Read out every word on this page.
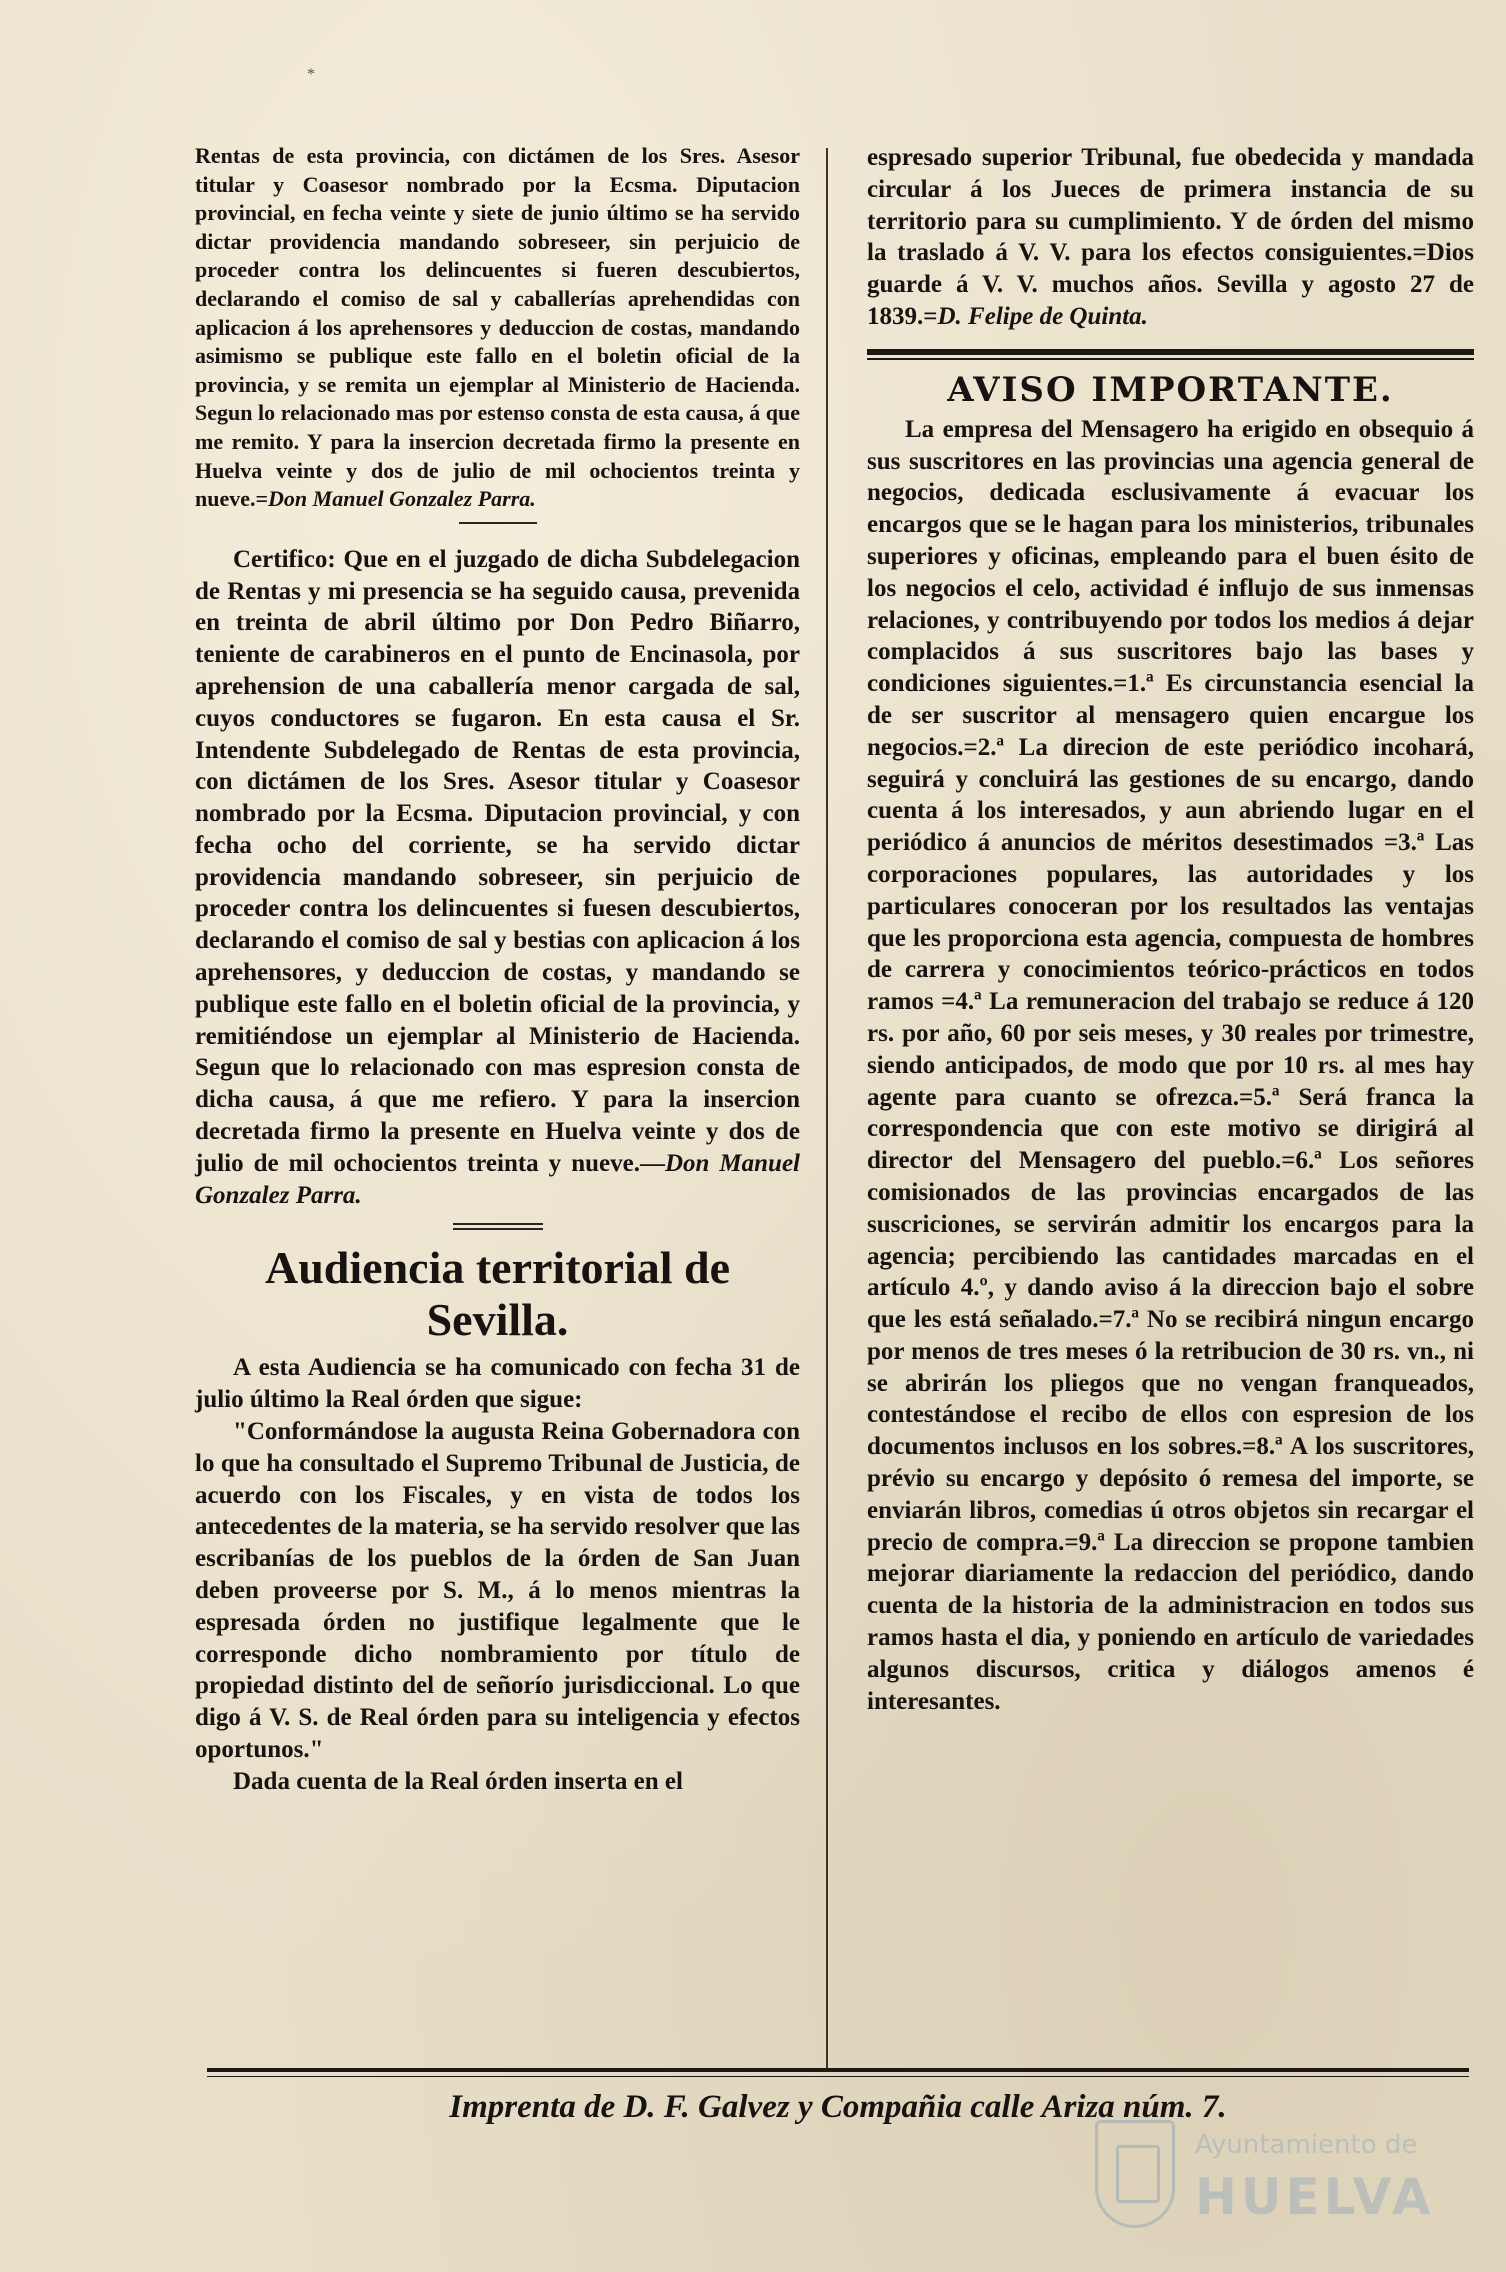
*

Rentas de esta provincia, con dictámen de los Sres. Asesor titular y Coasesor nombrado por la Ecsma. Diputacion provincial, en fecha veinte y siete de junio último se ha servido dictar providencia mandando sobreseer, sin perjuicio de proceder contra los delincuentes si fueren descubiertos, declarando el comiso de sal y caballerías aprehendidas con aplicacion á los aprehensores y deduccion de costas, mandando asimismo se publique este fallo en el boletin oficial de la provincia, y se remita un ejemplar al Ministerio de Hacienda. Segun lo relacionado mas por estenso consta de esta causa, á que me remito. Y para la insercion decretada firmo la presente en Huelva veinte y dos de julio de mil ochocientos treinta y nueve.=Don Manuel Gonzalez Parra.

Certifico: Que en el juzgado de dicha Subdelegacion de Rentas y mi presencia se ha seguido causa, prevenida en treinta de abril último por Don Pedro Biñarro, teniente de carabineros en el punto de Encinasola, por aprehension de una caballería menor cargada de sal, cuyos conductores se fugaron. En esta causa el Sr. Intendente Subdelegado de Rentas de esta provincia, con dictámen de los Sres. Asesor titular y Coasesor nombrado por la Ecsma. Diputacion provincial, y con fecha ocho del corriente, se ha servido dictar providencia mandando sobreseer, sin perjuicio de proceder contra los delincuentes si fuesen descubiertos, declarando el comiso de sal y bestias con aplicacion á los aprehensores, y deduccion de costas, y mandando se publique este fallo en el boletin oficial de la provincia, y remitiéndose un ejemplar al Ministerio de Hacienda. Segun que lo relacionado con mas espresion consta de dicha causa, á que me refiero. Y para la insercion decretada firmo la presente en Huelva veinte y dos de julio de mil ochocientos treinta y nueve.—Don Manuel Gonzalez Parra.

Audiencia territorial de Sevilla.

A esta Audiencia se ha comunicado con fecha 31 de julio último la Real órden que sigue:

"Conformándose la augusta Reina Gobernadora con lo que ha consultado el Supremo Tribunal de Justicia, de acuerdo con los Fiscales, y en vista de todos los antecedentes de la materia, se ha servido resolver que las escribanías de los pueblos de la órden de San Juan deben proveerse por S. M., á lo menos mientras la espresada órden no justifique legalmente que le corresponde dicho nombramiento por título de propiedad distinto del de señorío jurisdiccional. Lo que digo á V. S. de Real órden para su inteligencia y efectos oportunos."

Dada cuenta de la Real órden inserta en el

espresado superior Tribunal, fue obedecida y mandada circular á los Jueces de primera instancia de su territorio para su cumplimiento. Y de órden del mismo la traslado á V. V. para los efectos consiguientes.=Dios guarde á V. V. muchos años. Sevilla y agosto 27 de 1839.=D. Felipe de Quinta.

AVISO IMPORTANTE.

La empresa del Mensagero ha erigido en obsequio á sus suscritores en las provincias una agencia general de negocios, dedicada esclusivamente á evacuar los encargos que se le hagan para los ministerios, tribunales superiores y oficinas, empleando para el buen ésito de los negocios el celo, actividad é influjo de sus inmensas relaciones, y contribuyendo por todos los medios á dejar complacidos á sus suscritores bajo las bases y condiciones siguientes.=1.ª Es circunstancia esencial la de ser suscritor al mensagero quien encargue los negocios.=2.ª La direcion de este periódico incohará, seguirá y concluirá las gestiones de su encargo, dando cuenta á los interesados, y aun abriendo lugar en el periódico á anuncios de méritos desestimados =3.ª Las corporaciones populares, las autoridades y los particulares conoceran por los resultados las ventajas que les proporciona esta agencia, compuesta de hombres de carrera y conocimientos teórico-prácticos en todos ramos =4.ª La remuneracion del trabajo se reduce á 120 rs. por año, 60 por seis meses, y 30 reales por trimestre, siendo anticipados, de modo que por 10 rs. al mes hay agente para cuanto se ofrezca.=5.ª Será franca la correspondencia que con este motivo se dirigirá al director del Mensagero del pueblo.=6.ª Los señores comisionados de las provincias encargados de las suscriciones, se servirán admitir los encargos para la agencia; percibiendo las cantidades marcadas en el artículo 4.º, y dando aviso á la direccion bajo el sobre que les está señalado.=7.ª No se recibirá ningun encargo por menos de tres meses ó la retribucion de 30 rs. vn., ni se abrirán los pliegos que no vengan franqueados, contestándose el recibo de ellos con espresion de los documentos inclusos en los sobres.=8.ª A los suscritores, prévio su encargo y depósito ó remesa del importe, se enviarán libros, comedias ú otros objetos sin recargar el precio de compra.=9.ª La direccion se propone tambien mejorar diariamente la redaccion del periódico, dando cuenta de la historia de la administracion en todos sus ramos hasta el dia, y poniendo en artículo de variedades algunos discursos, critica y diálogos amenos é interesantes.

Imprenta de D. F. Galvez y Compañia calle Ariza núm. 7.
Ayuntamiento de
HUELVA
